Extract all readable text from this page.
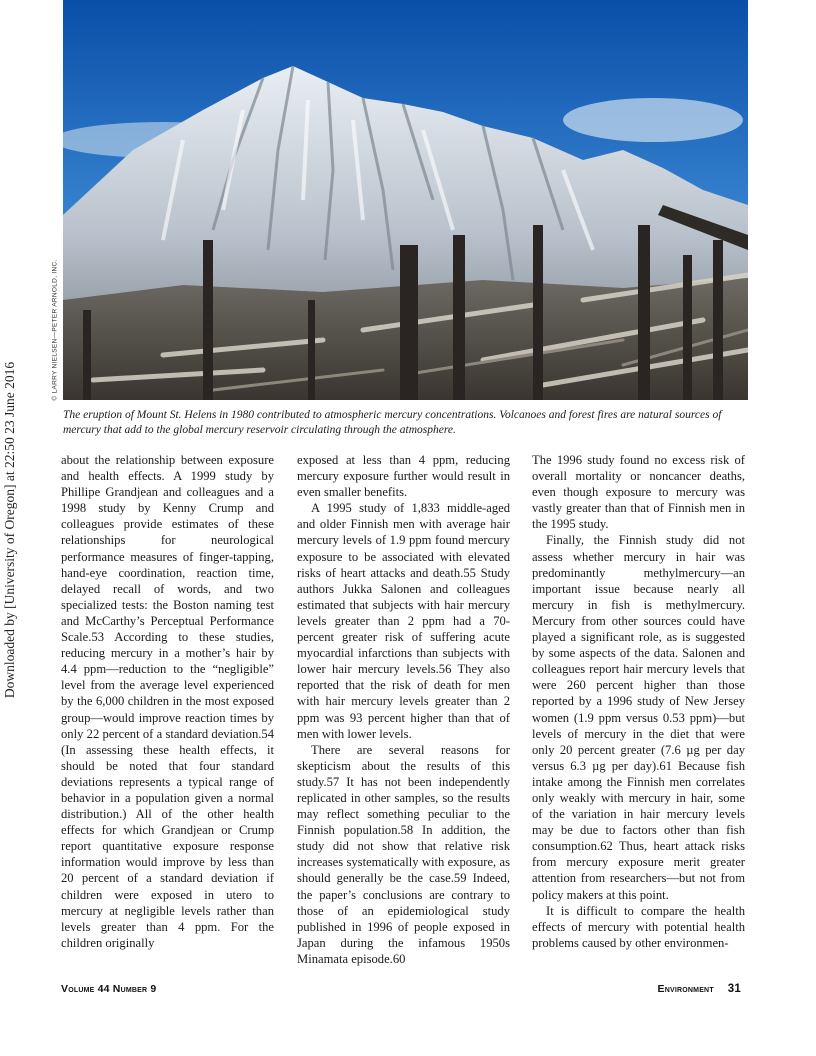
Downloaded by [University of Oregon] at 22:50 23 June 2016
© LARRY NIELSEN—PETER ARNOLD, INC.
The eruption of Mount St. Helens in 1980 contributed to atmospheric mercury concentrations. Volcanoes and forest fires are natural sources of mercury that add to the global mercury reservoir circulating through the atmosphere.

about the relationship between exposure and health effects. A 1999 study by Phillipe Grandjean and colleagues and a 1998 study by Kenny Crump and colleagues provide estimates of these relationships for neurological performance measures of finger-tapping, hand-eye coordination, reaction time, delayed recall of words, and two specialized tests: the Boston naming test and McCarthy’s Perceptual Performance Scale.53 According to these studies, reducing mercury in a mother’s hair by 4.4 ppm—reduction to the “negligible” level from the average level experienced by the 6,000 children in the most exposed group—would improve reaction times by only 22 percent of a standard deviation.54 (In assessing these health effects, it should be noted that four standard deviations represents a typical range of behavior in a population given a normal distribution.) All of the other health effects for which Grandjean or Crump report quantitative exposure response information would improve by less than 20 percent of a standard deviation if children were exposed in utero to mercury at negligible levels rather than levels greater than 4 ppm. For the children originally

exposed at less than 4 ppm, reducing mercury exposure further would result in even smaller benefits.

A 1995 study of 1,833 middle-aged and older Finnish men with average hair mercury levels of 1.9 ppm found mercury exposure to be associated with elevated risks of heart attacks and death.55 Study authors Jukka Salonen and colleagues estimated that subjects with hair mercury levels greater than 2 ppm had a 70-percent greater risk of suffering acute myocardial infarctions than subjects with lower hair mercury levels.56 They also reported that the risk of death for men with hair mercury levels greater than 2 ppm was 93 percent higher than that of men with lower levels.

There are several reasons for skepticism about the results of this study.57 It has not been independently replicated in other samples, so the results may reflect something peculiar to the Finnish population.58 In addition, the study did not show that relative risk increases systematically with exposure, as should generally be the case.59 Indeed, the paper’s conclusions are contrary to those of an epidemiological study published in 1996 of people exposed in Japan during the infamous 1950s Minamata episode.60

The 1996 study found no excess risk of overall mortality or noncancer deaths, even though exposure to mercury was vastly greater than that of Finnish men in the 1995 study.

Finally, the Finnish study did not assess whether mercury in hair was predominantly methylmercury—an important issue because nearly all mercury in fish is methylmercury. Mercury from other sources could have played a significant role, as is suggested by some aspects of the data. Salonen and colleagues report hair mercury levels that were 260 percent higher than those reported by a 1996 study of New Jersey women (1.9 ppm versus 0.53 ppm)—but levels of mercury in the diet that were only 20 percent greater (7.6 µg per day versus 6.3 µg per day).61 Because fish intake among the Finnish men correlates only weakly with mercury in hair, some of the variation in hair mercury levels may be due to factors other than fish consumption.62 Thus, heart attack risks from mercury exposure merit greater attention from researchers—but not from policy makers at this point.

It is difficult to compare the health effects of mercury with potential health problems caused by other environmen-

Volume 44 Number 9	Environment 31
